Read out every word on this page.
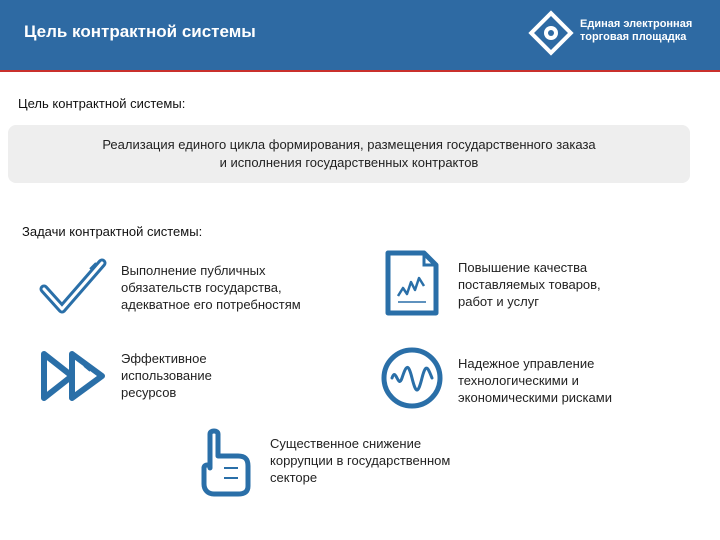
Цель контрактной системы	Единая электронная
торговая площадка
Цель контрактной системы:
Реализация единого цикла формирования, размещения государственного заказа
и исполнения государственных контрактов
Задачи контрактной системы:
Выполнение публичных
обязательств государства,
адекватное его потребностям
Повышение качества
поставляемых товаров,
работ и услуг
Эффективное
использование
ресурсов
Надежное управление
технологическими и
экономическими рисками
Существенное снижение
коррупции в государственном
секторе
